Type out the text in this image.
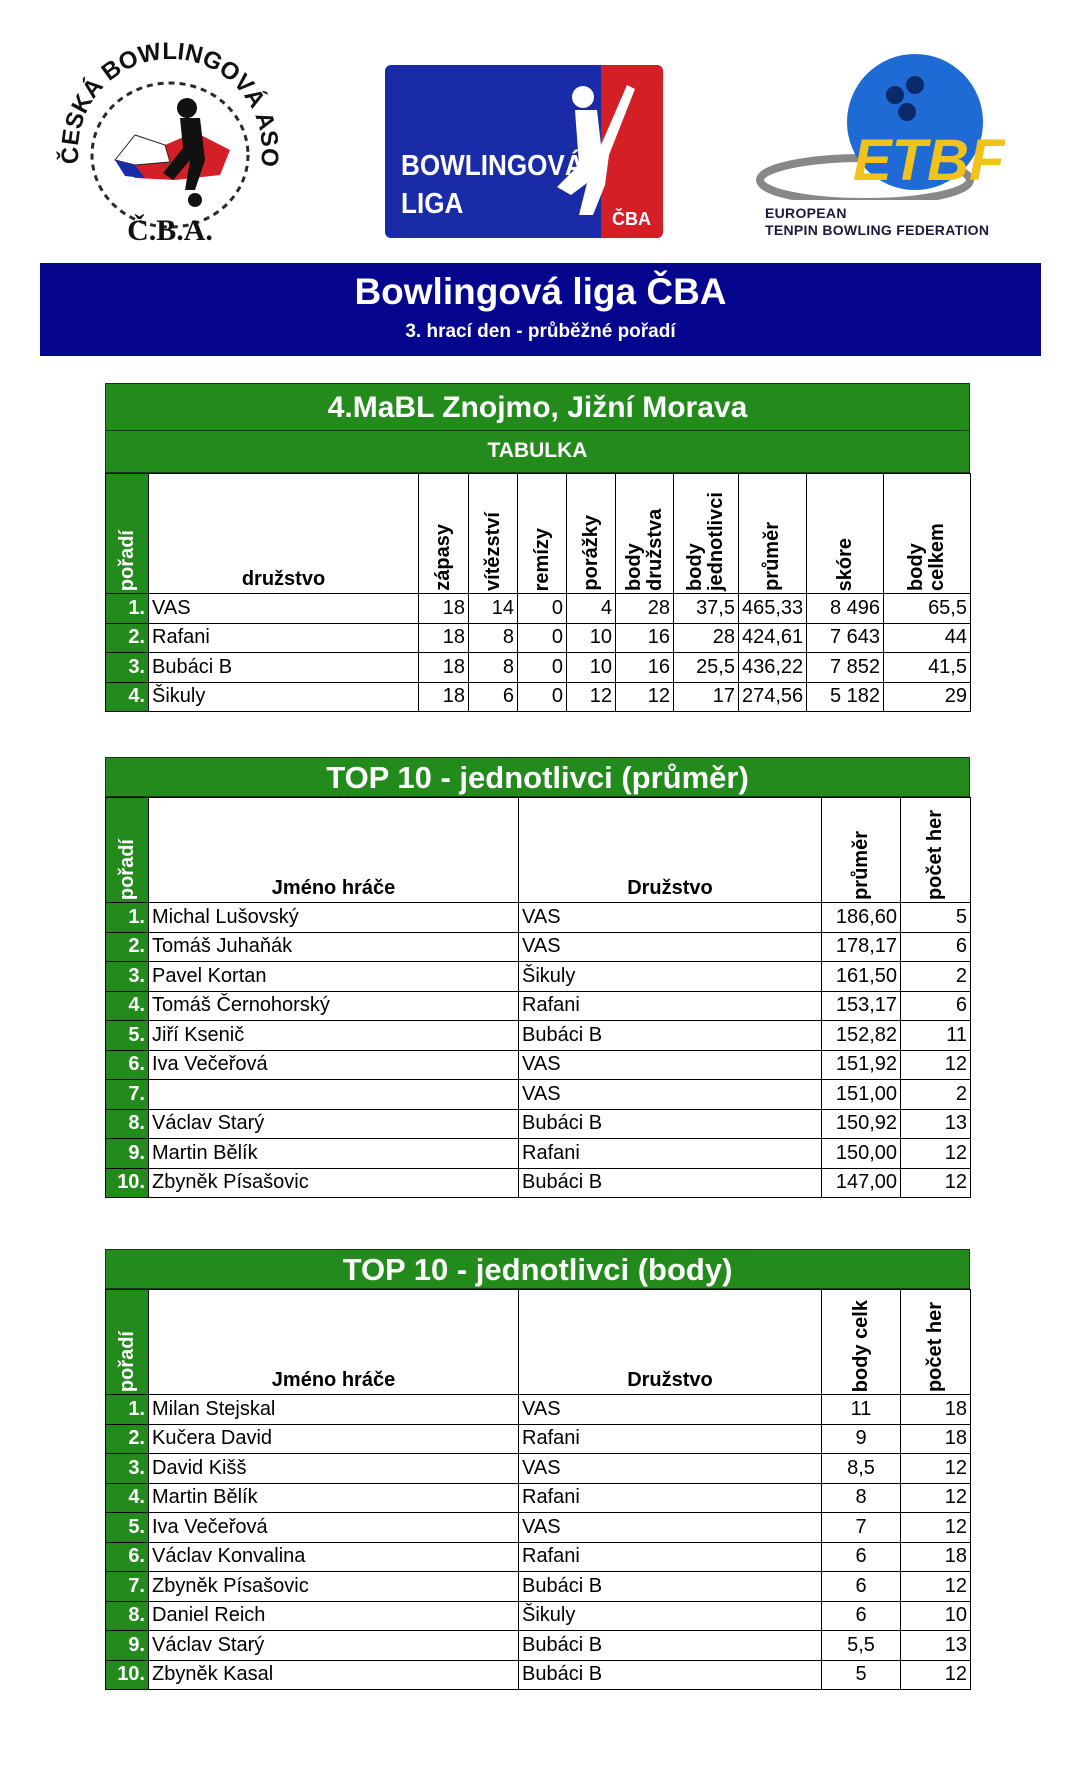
ČESKÁ BOWLINGOVÁ ASO
Č.B.A.
BOWLINGOVÁ
LIGA	ČBA
ETBF
EUROPEAN
TENPIN BOWLING FEDERATION
Bowlingová liga ČBA
3. hrací den - průběžné pořadí
4.MaBL Znojmo, Jižní Morava
TABULKA
pořadí	družstvo	zápasy	vítězství	remízy	porážky	body družstva	body jednotlivci	průměr	skóre	body celkem

1.	VAS	18	14	0	4	28	37,5	465,33	8 496	65,5
2.	Rafani	18	8	0	10	16	28	424,61	7 643	44
3.	Bubáci B	18	8	0	10	16	25,5	436,22	7 852	41,5
4.	Šikuly	18	6	0	12	12	17	274,56	5 182	29
TOP 10 - jednotlivci (průměr)
pořadí	Jméno hráče	Družstvo	průměr	počet her

1.	Michal Lušovský	VAS	186,60	5
2.	Tomáš Juhaňák	VAS	178,17	6
3.	Pavel Kortan	Šikuly	161,50	2
4.	Tomáš Černohorský	Rafani	153,17	6
5.	Jiří Ksenič	Bubáci B	152,82	11
6.	Iva Večeřová	VAS	151,92	12
7.		VAS	151,00	2
8.	Václav Starý	Bubáci B	150,92	13
9.	Martin Bělík	Rafani	150,00	12
10.	Zbyněk Písašovic	Bubáci B	147,00	12
TOP 10 - jednotlivci (body)
pořadí	Jméno hráče	Družstvo	body celk	počet her

1.	Milan Stejskal	VAS	11	18
2.	Kučera David	Rafani	9	18
3.	David Kišš	VAS	8,5	12
4.	Martin Bělík	Rafani	8	12
5.	Iva Večeřová	VAS	7	12
6.	Václav Konvalina	Rafani	6	18
7.	Zbyněk Písašovic	Bubáci B	6	12
8.	Daniel Reich	Šikuly	6	10
9.	Václav Starý	Bubáci B	5,5	13
10.	Zbyněk Kasal	Bubáci B	5	12
